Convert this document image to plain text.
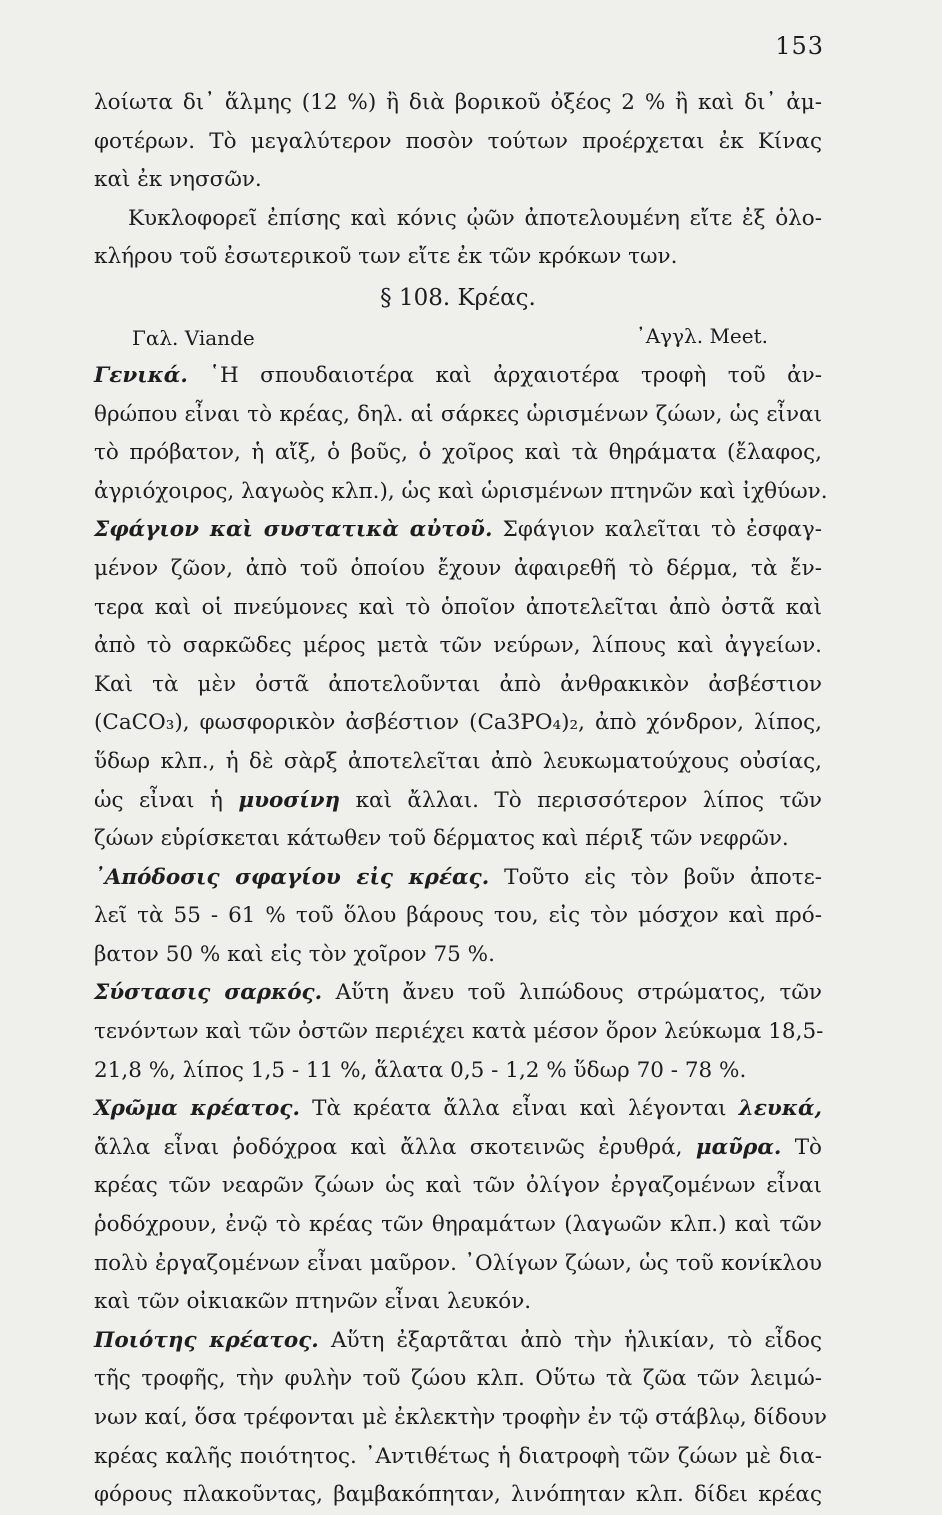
153
λοίωτα δι᾿ ἅλμης (12 %) ἢ διὰ βορικοῦ ὀξέος 2 % ἢ καὶ δι᾿ ἀμ-
φοτέρων. Τὸ μεγαλύτερον ποσὸν τούτων προέρχεται ἐκ Κίνας
καὶ ἐκ νησσῶν.
Κυκλοφορεῖ ἐπίσης καὶ κόνις ᾠῶν ἀποτελουμένη εἴτε ἐξ ὁλο-
κλήρου τοῦ ἐσωτερικοῦ των εἴτε ἐκ τῶν κρόκων των.
§ 108. Κρέας.
Γαλ. Viande	᾿Αγγλ. Meet.
Γενικά. ῾Η σπουδαιοτέρα καὶ ἀρχαιοτέρα τροφὴ τοῦ ἀν-
θρώπου εἶναι τὸ κρέας, δηλ. αἱ σάρκες ὡρισμένων ζώων, ὡς εἶναι
τὸ πρόβατον, ἡ αἴξ, ὁ βοῦς, ὁ χοῖρος καὶ τὰ θηράματα (ἔλαφος,
ἀγριόχοιρος, λαγωὸς κλπ.), ὡς καὶ ὡρισμένων πτηνῶν καὶ ἰχθύων.
Σφάγιον καὶ συστατικὰ αὐτοῦ. Σφάγιον καλεῖται τὸ ἐσφαγ-
μένον ζῶον, ἀπὸ τοῦ ὁποίου ἔχουν ἀφαιρεθῆ τὸ δέρμα, τὰ ἔν-
τερα καὶ οἱ πνεύμονες καὶ τὸ ὁποῖον ἀποτελεῖται ἀπὸ ὀστᾶ καὶ
ἀπὸ τὸ σαρκῶδες μέρος μετὰ τῶν νεύρων, λίπους καὶ ἀγγείων.
Καὶ τὰ μὲν ὀστᾶ ἀποτελοῦνται ἀπὸ ἀνθρακικὸν ἀσβέστιον
(CaCO₃), φωσφορικὸν ἀσβέστιον (Ca3PO₄)₂, ἀπὸ χόνδρον, λίπος,
ὕδωρ κλπ., ἡ δὲ σὰρξ ἀποτελεῖται ἀπὸ λευκωματούχους οὐσίας,
ὡς εἶναι ἡ μυοσίνη καὶ ἄλλαι. Τὸ περισσότερον λίπος τῶν
ζώων εὑρίσκεται κάτωθεν τοῦ δέρματος καὶ πέριξ τῶν νεφρῶν.
᾿Απόδοσις σφαγίου εἰς κρέας. Τοῦτο εἰς τὸν βοῦν ἀποτε-
λεῖ τὰ 55 - 61 % τοῦ ὅλου βάρους του, εἰς τὸν μόσχον καὶ πρό-
βατον 50 % καὶ εἰς τὸν χοῖρον 75 %.
Σύστασις σαρκός. Αὕτη ἄνευ τοῦ λιπώδους στρώματος, τῶν
τενόντων καὶ τῶν ὀστῶν περιέχει κατὰ μέσον ὅρον λεύκωμα 18,5-
21,8 %, λίπος 1,5 - 11 %, ἅλατα 0,5 - 1,2 % ὕδωρ 70 - 78 %.
Χρῶμα κρέατος. Τὰ κρέατα ἄλλα εἶναι καὶ λέγονται λευκά,
ἄλλα εἶναι ῥοδόχροα καὶ ἄλλα σκοτεινῶς ἐρυθρά, μαῦρα. Τὸ
κρέας τῶν νεαρῶν ζώων ὡς καὶ τῶν ὀλίγον ἐργαζομένων εἶναι
ῥοδόχρουν, ἐνῷ τὸ κρέας τῶν θηραμάτων (λαγωῶν κλπ.) καὶ τῶν
πολὺ ἐργαζομένων εἶναι μαῦρον. ᾿Ολίγων ζώων, ὡς τοῦ κονίκλου
καὶ τῶν οἰκιακῶν πτηνῶν εἶναι λευκόν.
Ποιότης κρέατος. Αὕτη ἐξαρτᾶται ἀπὸ τὴν ἡλικίαν, τὸ εἶδος
τῆς τροφῆς, τὴν φυλὴν τοῦ ζώου κλπ. Οὕτω τὰ ζῶα τῶν λειμώ-
νων καί, ὅσα τρέφονται μὲ ἐκλεκτὴν τροφὴν ἐν τῷ στάβλῳ, δίδουν
κρέας καλῆς ποιότητος. ᾿Αντιθέτως ἡ διατροφὴ τῶν ζώων μὲ δια-
φόρους πλακοῦντας, βαμβακόπηταν, λινόπηταν κλπ. δίδει κρέας
